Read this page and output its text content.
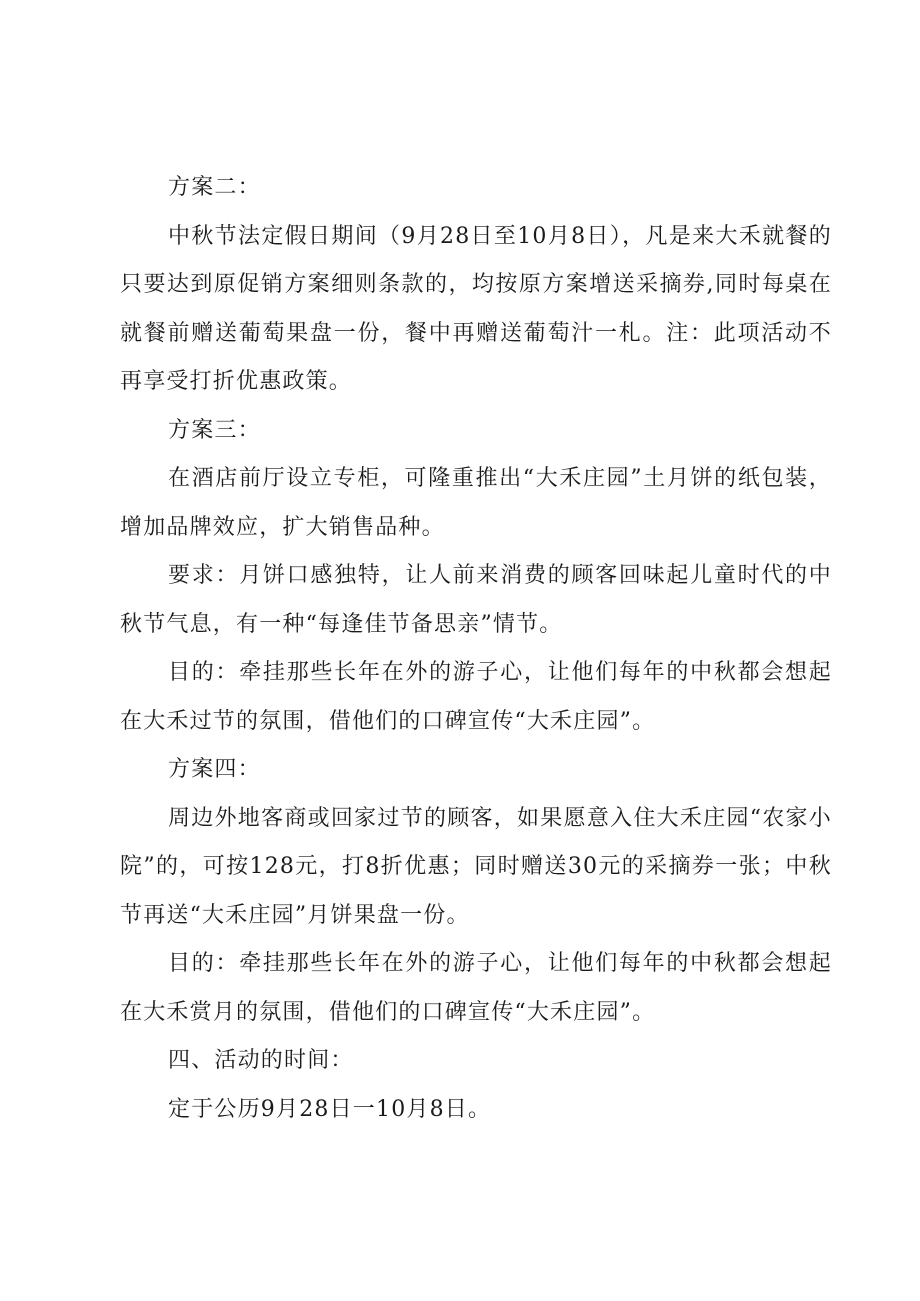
方案二：

中秋节法定假日期间（9月28日至10月8日），凡是来大禾就餐的只要达到原促销方案细则条款的，均按原方案增送采摘券,同时每桌在就餐前赠送葡萄果盘一份，餐中再赠送葡萄汁一札。注：此项活动不再享受打折优惠政策。

方案三：

在酒店前厅设立专柜，可隆重推出“大禾庄园”土月饼的纸包装，增加品牌效应，扩大销售品种。

要求：月饼口感独特，让人前来消费的顾客回味起儿童时代的中秋节气息，有一种“每逢佳节备思亲”情节。

目的：牵挂那些长年在外的游子心，让他们每年的中秋都会想起在大禾过节的氛围，借他们的口碑宣传“大禾庄园”。

方案四：

周边外地客商或回家过节的顾客，如果愿意入住大禾庄园“农家小院”的，可按128元，打8折优惠；同时赠送30元的采摘券一张；中秋节再送“大禾庄园”月饼果盘一份。

目的：牵挂那些长年在外的游子心，让他们每年的中秋都会想起在大禾赏月的氛围，借他们的口碑宣传“大禾庄园”。

四、活动的时间：

定于公历9月28日一10月8日。
